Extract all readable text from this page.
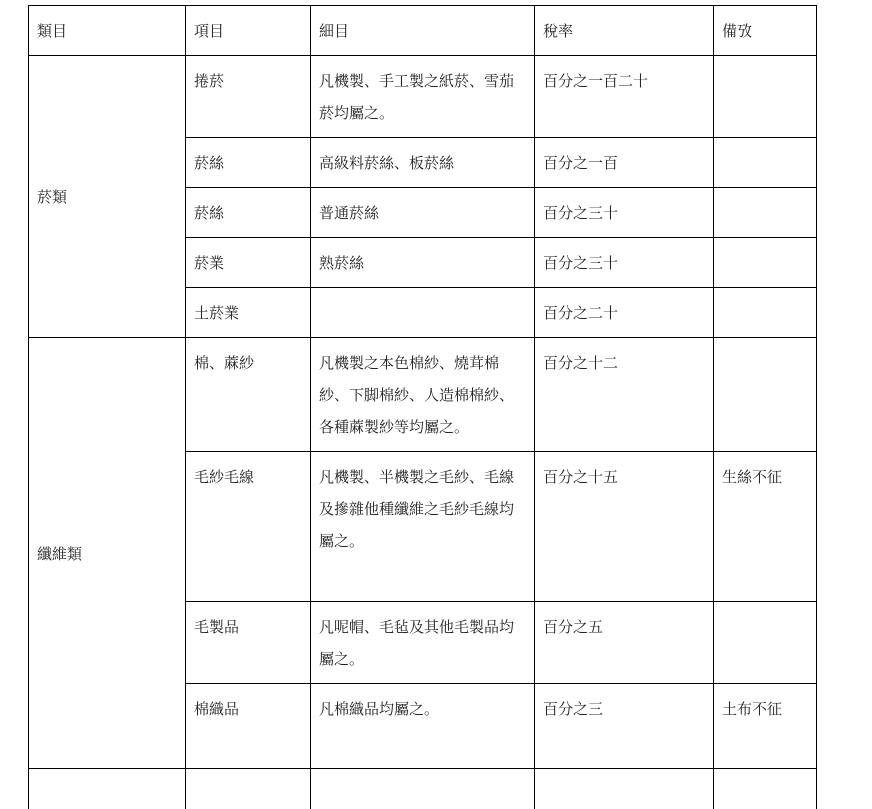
類目	項目	細目	稅率	備攷
菸類	捲菸	凡機製、手工製之紙菸、雪茄菸均屬之。	百分之一百二十	
	菸絲	高級料菸絲、板菸絲	百分之一百	
	菸絲	普通菸絲	百分之三十	
	菸業	熟菸絲	百分之三十	
	土菸業		百分之二十	
纖維類	棉、蔴紗	凡機製之本色棉紗、燒茸棉紗、下脚棉紗、人造棉棉紗、各種蔴製紗等均屬之。	百分之十二	
	毛紗毛線	凡機製、半機製之毛紗、毛線及摻雜他種纖維之毛紗毛線均屬之。	百分之十五	生絲不征
	毛製品	凡呢帽、毛毡及其他毛製品均屬之。	百分之五	
	棉織品	凡棉織品均屬之。	百分之三	土布不征
